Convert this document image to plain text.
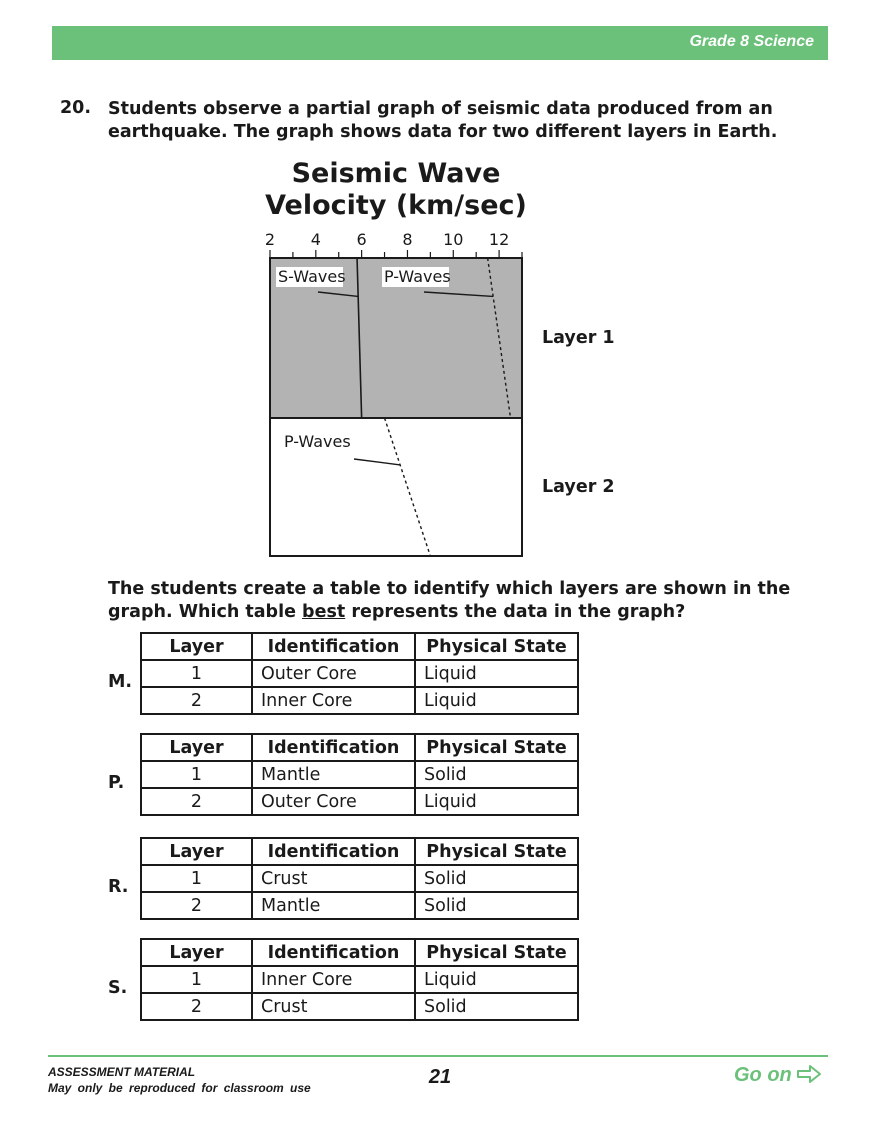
Grade 8 Science
20. Students observe a partial graph of seismic data produced from an earthquake. The graph shows data for two different layers in Earth.
Seismic Wave
Velocity (km/sec)
2 4 6 8 10 12
S-Waves P-Waves
P-Waves
Layer 1
Layer 2
The students create a table to identify which layers are shown in the graph. Which table best represents the data in the graph?
M.
Layer	Identification	Physical State
1	Outer Core	Liquid
2	Inner Core	Liquid
P.
Layer	Identification	Physical State
1	Mantle	Solid
2	Outer Core	Liquid
R.
Layer	Identification	Physical State
1	Crust	Solid
2	Mantle	Solid
S.
Layer	Identification	Physical State
1	Inner Core	Liquid
2	Crust	Solid
ASSESSMENT MATERIAL
May only be reproduced for classroom use	21	Go on
